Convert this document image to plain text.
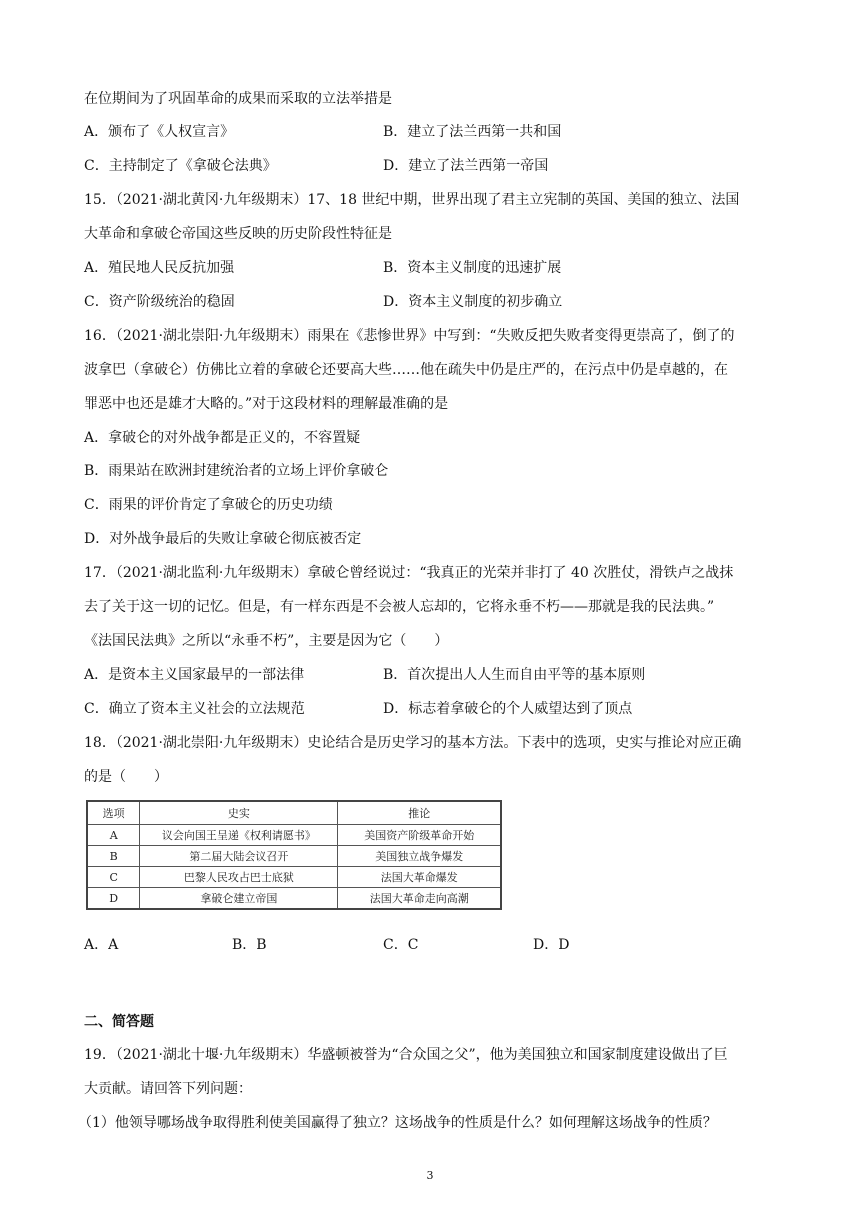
在位期间为了巩固革命的成果而采取的立法举措是
A．颁布了《人权宣言》	B．建立了法兰西第一共和国
C．主持制定了《拿破仑法典》	D．建立了法兰西第一帝国
15．（2021·湖北黄冈·九年级期末）17、18 世纪中期，世界出现了君主立宪制的英国、美国的独立、法国
大革命和拿破仑帝国这些反映的历史阶段性特征是
A．殖民地人民反抗加强	B．资本主义制度的迅速扩展
C．资产阶级统治的稳固	D．资本主义制度的初步确立
16．（2021·湖北崇阳·九年级期末）雨果在《悲惨世界》中写到：“失败反把失败者变得更崇高了，倒了的
波拿巴（拿破仑）仿佛比立着的拿破仑还要高大些……他在疏失中仍是庄严的，在污点中仍是卓越的，在
罪恶中也还是雄才大略的。”对于这段材料的理解最准确的是
A．拿破仑的对外战争都是正义的，不容置疑
B．雨果站在欧洲封建统治者的立场上评价拿破仑
C．雨果的评价肯定了拿破仑的历史功绩
D．对外战争最后的失败让拿破仑彻底被否定
17．（2021·湖北监利·九年级期末）拿破仑曾经说过：“我真正的光荣并非打了 40 次胜仗，滑铁卢之战抹
去了关于这一切的记忆。但是，有一样东西是不会被人忘却的，它将永垂不朽——那就是我的民法典。”
《法国民法典》之所以“永垂不朽”，主要是因为它（　　）
A．是资本主义国家最早的一部法律	B．首次提出人人生而自由平等的基本原则
C．确立了资本主义社会的立法规范	D．标志着拿破仑的个人威望达到了顶点
18．（2021·湖北崇阳·九年级期末）史论结合是历史学习的基本方法。下表中的选项，史实与推论对应正确
的是（　　）
选项	史实	推论
A	议会向国王呈递《权利请愿书》	美国资产阶级革命开始
B	第二届大陆会议召开	美国独立战争爆发
C	巴黎人民攻占巴士底狱	法国大革命爆发
D	拿破仑建立帝国	法国大革命走向高潮
A．A	B．B	C．C	D．D
二、简答题
19．（2021·湖北十堰·九年级期末）华盛顿被誉为“合众国之父”，他为美国独立和国家制度建设做出了巨
大贡献。请回答下列问题：
（1）他领导哪场战争取得胜利使美国赢得了独立？这场战争的性质是什么？如何理解这场战争的性质？
3
